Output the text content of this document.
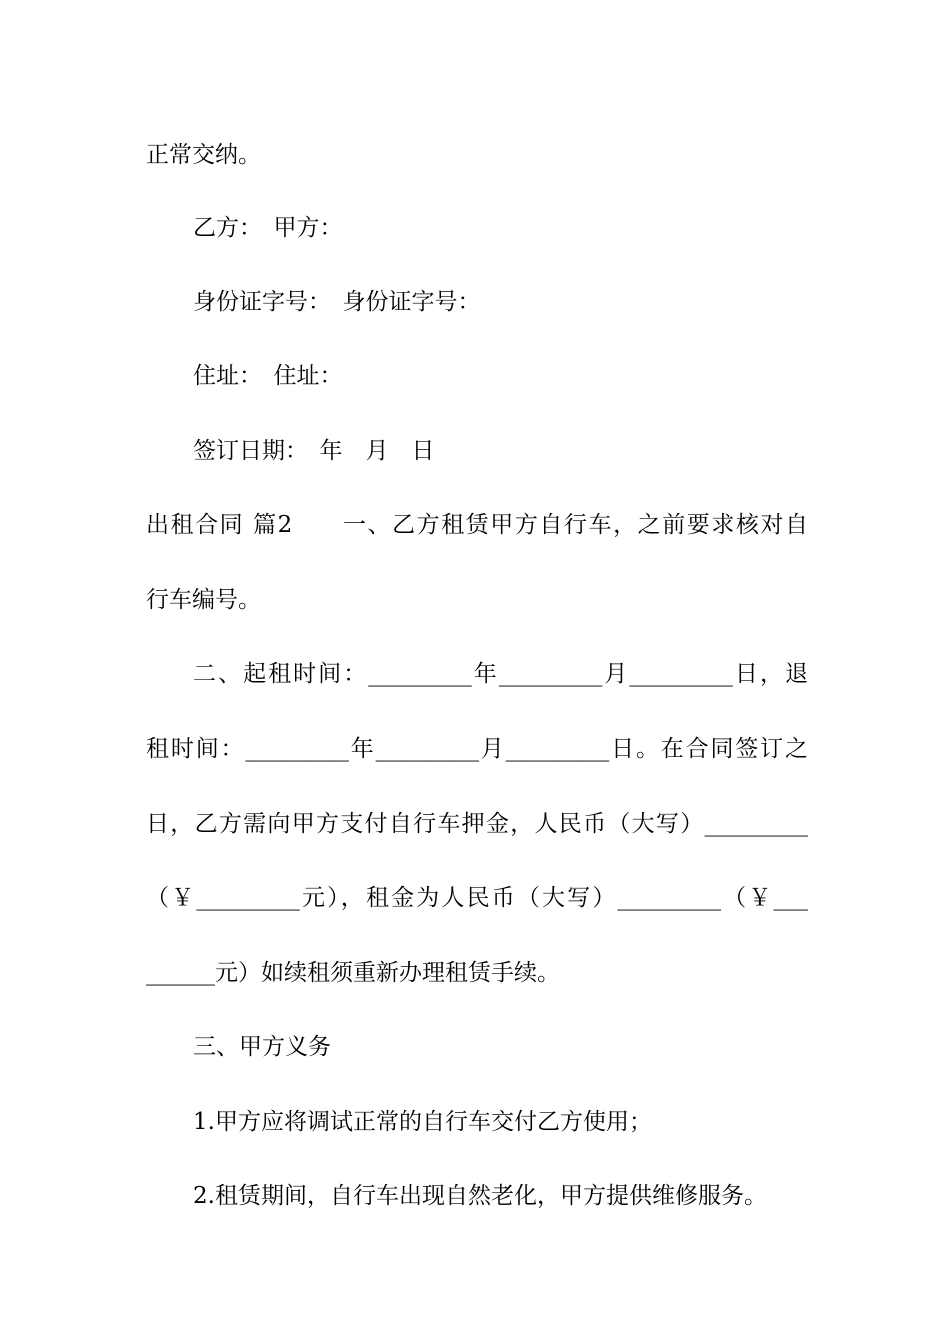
正常交纳。
乙方：　甲方：
身份证字号：　身份证字号：
住址：　住址：
签订日期：　年　月　日
出租合同 篇2　　一、乙方租赁甲方自行车，之前要求核对自
行车编号。
二、起租时间：_________年_________月_________日，退
租时间：_________年_________月_________日。在合同签订之
日，乙方需向甲方支付自行车押金，人民币（大写）_________
（￥_________元），租金为人民币（大写）_________（￥___
______元）如续租须重新办理租赁手续。
三、甲方义务
1.甲方应将调试正常的自行车交付乙方使用；
2.租赁期间，自行车出现自然老化，甲方提供维修服务。
